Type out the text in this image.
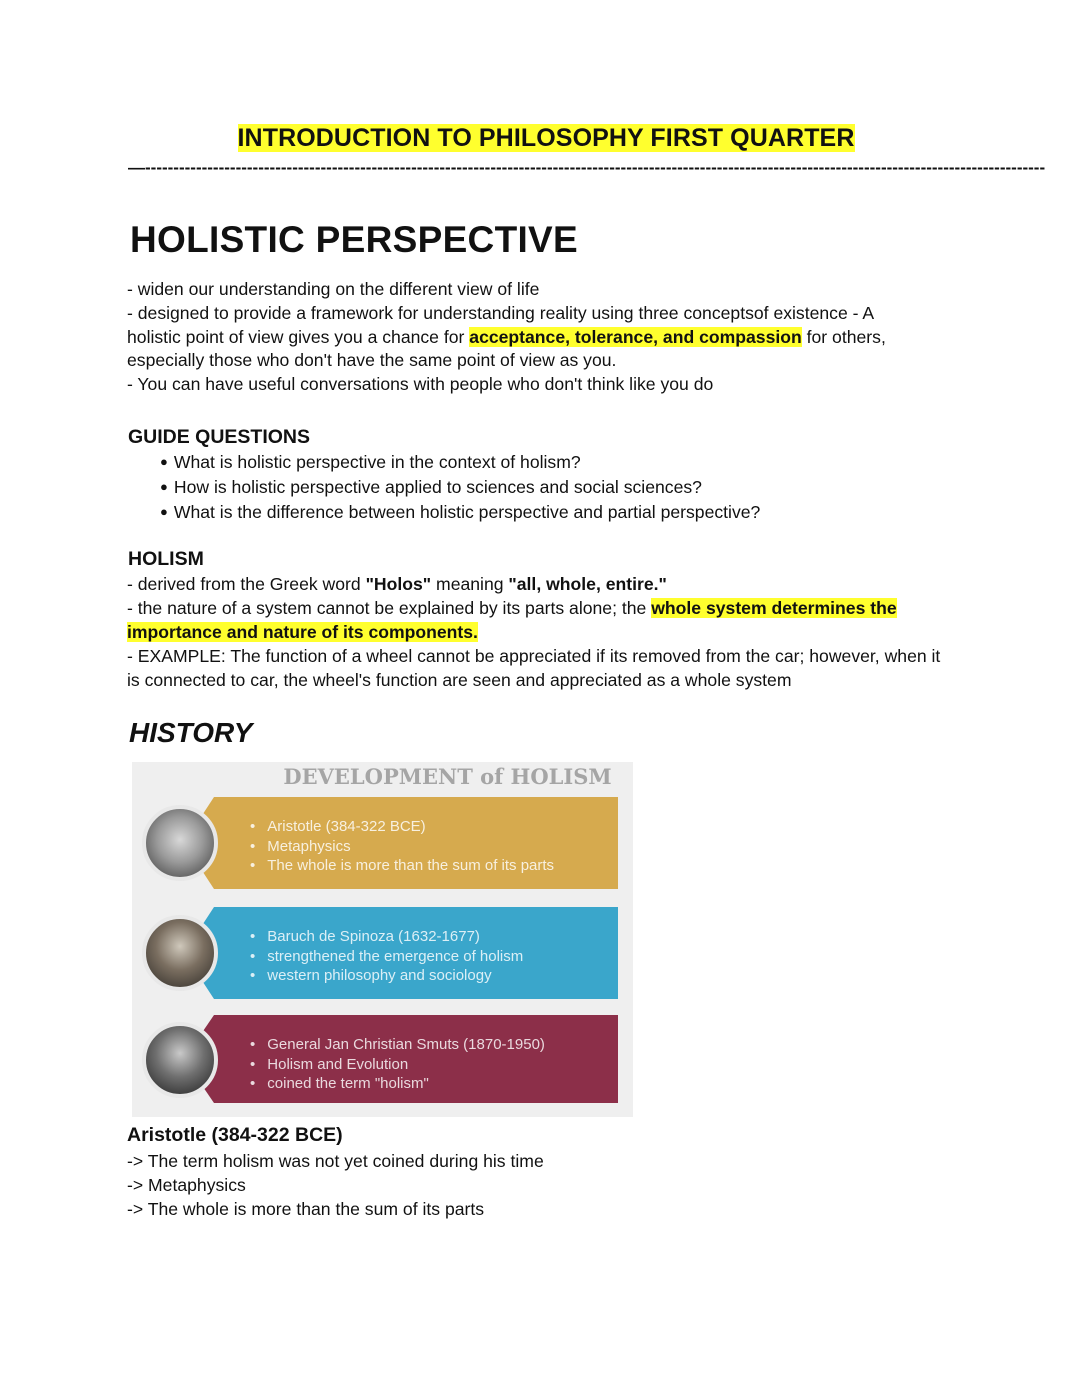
INTRODUCTION TO PHILOSOPHY FIRST QUARTER
—---------------------------------------------------------------------------------------------------------------------------------------------------------------
HOLISTIC PERSPECTIVE
- widen our understanding on the different view of life
- designed to provide a framework for understanding reality using three conceptsof existence - A
holistic point of view gives you a chance for acceptance, tolerance, and compassion for others,
especially those who don't have the same point of view as you.
- You can have useful conversations with people who don't think like you do
GUIDE QUESTIONS
● What is holistic perspective in the context of holism?
● How is holistic perspective applied to sciences and social sciences?
● What is the difference between holistic perspective and partial perspective?
HOLISM
- derived from the Greek word "Holos" meaning "all, whole, entire."
- the nature of a system cannot be explained by its parts alone; the whole system determines the
importance and nature of its components.
- EXAMPLE: The function of a wheel cannot be appreciated if its removed from the car; however, when it
is connected to car, the wheel's function are seen and appreciated as a whole system
HISTORY
DEVELOPMENT of HOLISM
• Aristotle (384-322 BCE)
• Metaphysics
• The whole is more than the sum of its parts
• Baruch de Spinoza (1632-1677)
• strengthened the emergence of holism
• western philosophy and sociology
• General Jan Christian Smuts (1870-1950)
• Holism and Evolution
• coined the term "holism"
Aristotle (384-322 BCE)
-> The term holism was not yet coined during his time
-> Metaphysics
-> The whole is more than the sum of its parts
